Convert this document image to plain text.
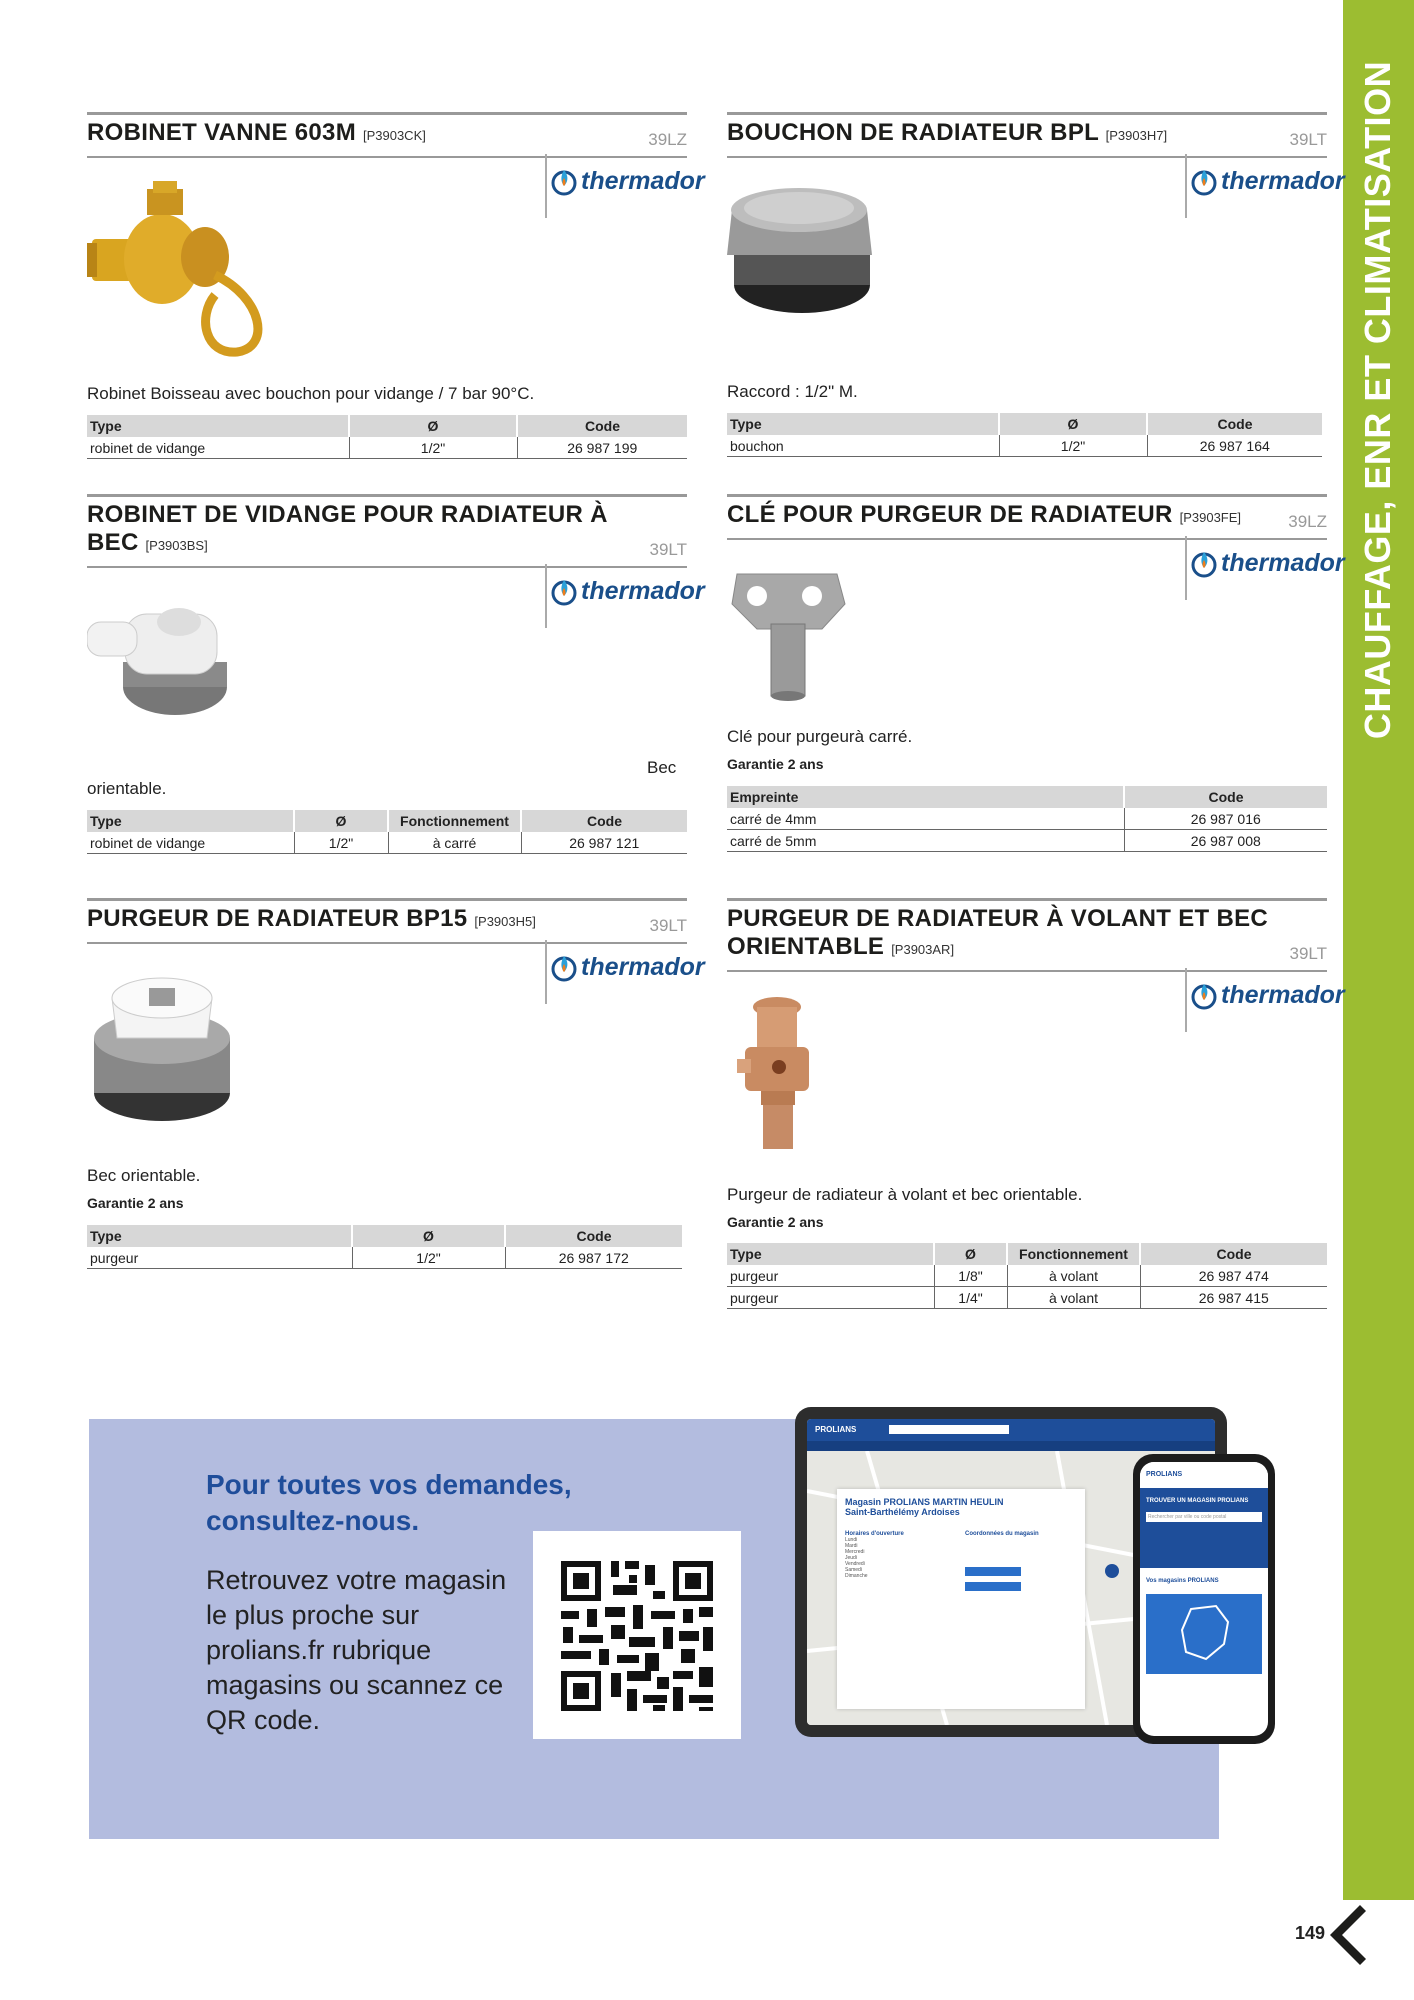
CHAUFFAGE, ENR ET CLIMATISATION
149
ROBINET VANNE 603M [P3903CK]	39LZ
thermador
Robinet Boisseau avec bouchon pour vidange / 7 bar 90°C.
Type	Ø	Code
robinet de vidange	1/2"	26 987 199
BOUCHON DE RADIATEUR BPL [P3903H7]	39LT
thermador
Raccord : 1/2" M.
Type	Ø	Code
bouchon	1/2"	26 987 164
ROBINET DE VIDANGE POUR RADIATEUR À BEC [P3903BS]	39LT
thermador
Bec
orientable.
Type	Ø	Fonctionnement	Code
robinet de vidange	1/2"	à carré	26 987 121
CLÉ POUR PURGEUR DE RADIATEUR [P3903FE]	39LZ
thermador
Clé pour purgeurà carré.
Garantie 2 ans
Empreinte	Code
carré de 4mm	26 987 016
carré de 5mm	26 987 008
PURGEUR DE RADIATEUR BP15 [P3903H5]	39LT
thermador
Bec orientable.
Garantie 2 ans
Type	Ø	Code
purgeur	1/2"	26 987 172
PURGEUR DE RADIATEUR À VOLANT ET BEC ORIENTABLE [P3903AR]	39LT
thermador
Purgeur de radiateur à volant et bec orientable.
Garantie 2 ans
Type	Ø	Fonctionnement	Code
purgeur	1/8"	à volant	26 987 474
purgeur	1/4"	à volant	26 987 415
Pour toutes vos demandes, consultez-nous.
Retrouvez votre magasin le plus proche sur prolians.fr rubrique magasins ou scannez ce QR code.
PROLIANS
Magasin PROLIANS MARTIN HEULIN
Saint-Barthélémy Ardoises
Horaires d'ouverture
Lundi
Mardi
Mercredi
Jeudi
Vendredi
Samedi
Dimanche
Coordonnées du magasin
PROLIANS
TROUVER UN MAGASIN PROLIANS
Rechercher par ville ou code postal
Vos magasins PROLIANS
